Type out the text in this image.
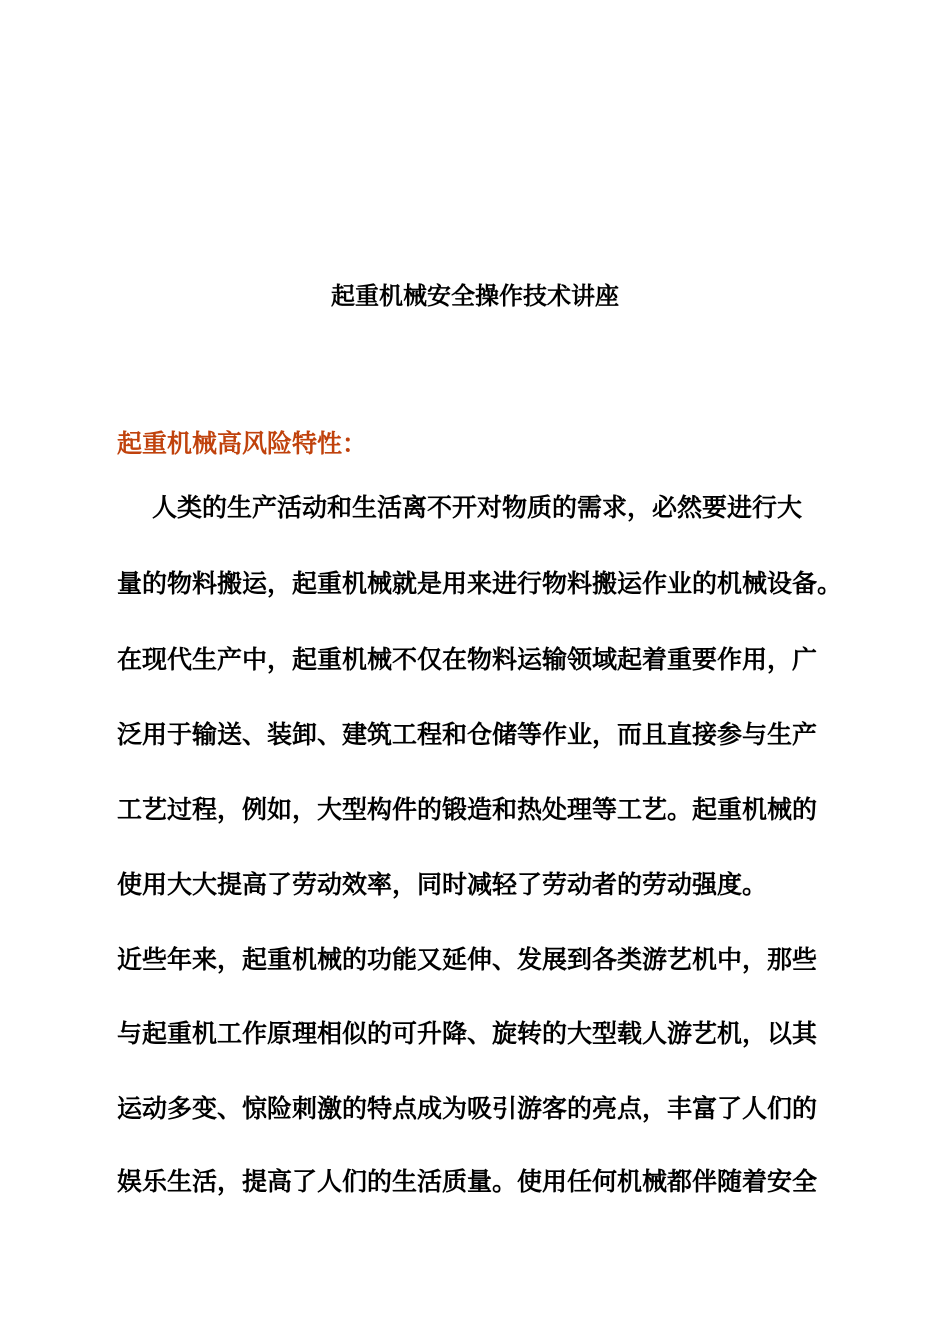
起重机械安全操作技术讲座
起重机械高风险特性：
人类的生产活动和生活离不开对物质的需求，必然要进行大
量的物料搬运，起重机械就是用来进行物料搬运作业的机械设备。
在现代生产中，起重机械不仅在物料运输领域起着重要作用，广
泛用于输送、装卸、建筑工程和仓储等作业，而且直接参与生产
工艺过程，例如，大型构件的锻造和热处理等工艺。起重机械的
使用大大提高了劳动效率，同时减轻了劳动者的劳动强度。
近些年来，起重机械的功能又延伸、发展到各类游艺机中，那些
与起重机工作原理相似的可升降、旋转的大型载人游艺机，以其
运动多变、惊险刺激的特点成为吸引游客的亮点，丰富了人们的
娱乐生活，提高了人们的生活质量。使用任何机械都伴随着安全
